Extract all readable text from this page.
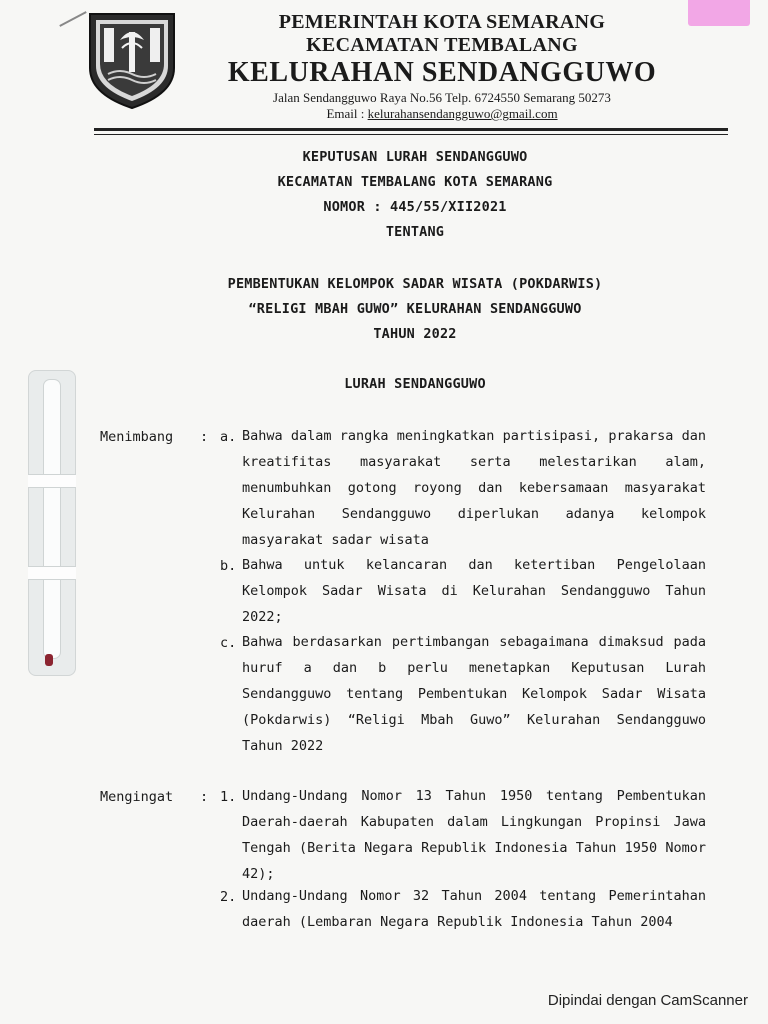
PEMERINTAH KOTA SEMARANG
KECAMATAN TEMBALANG
KELURAHAN SENDANGGUWO
Jalan Sendangguwo Raya No.56 Telp. 6724550 Semarang 50273
Email : kelurahansendangguwo@gmail.com
KEPUTUSAN LURAH SENDANGGUWO
KECAMATAN TEMBALANG KOTA SEMARANG
NOMOR : 445/55/XII2021
TENTANG
PEMBENTUKAN KELOMPOK SADAR WISATA (POKDARWIS)
“RELIGI MBAH GUWO” KELURAHAN SENDANGGUWO
TAHUN 2022
LURAH SENDANGGUWO
Menimbang : a. Bahwa dalam rangka meningkatkan partisipasi, prakarsa dan kreatifitas masyarakat serta melestarikan alam, menumbuhkan gotong royong dan kebersamaan masyarakat Kelurahan Sendangguwo diperlukan adanya kelompok masyarakat sadar wisata

b. Bahwa untuk kelancaran dan ketertiban Pengelolaan Kelompok Sadar Wisata di Kelurahan Sendangguwo Tahun 2022;

c. Bahwa berdasarkan pertimbangan sebagaimana dimaksud pada huruf a dan b perlu menetapkan Keputusan Lurah Sendangguwo tentang Pembentukan Kelompok Sadar Wisata (Pokdarwis) “Religi Mbah Guwo” Kelurahan Sendangguwo Tahun 2022

Mengingat : 1. Undang-Undang Nomor 13 Tahun 1950 tentang Pembentukan Daerah-daerah Kabupaten dalam Lingkungan Propinsi Jawa Tengah (Berita Negara Republik Indonesia Tahun 1950 Nomor 42);

2. Undang-Undang Nomor 32 Tahun 2004 tentang Pemerintahan daerah (Lembaran Negara Republik Indonesia Tahun 2004

Dipindai dengan CamScanner
